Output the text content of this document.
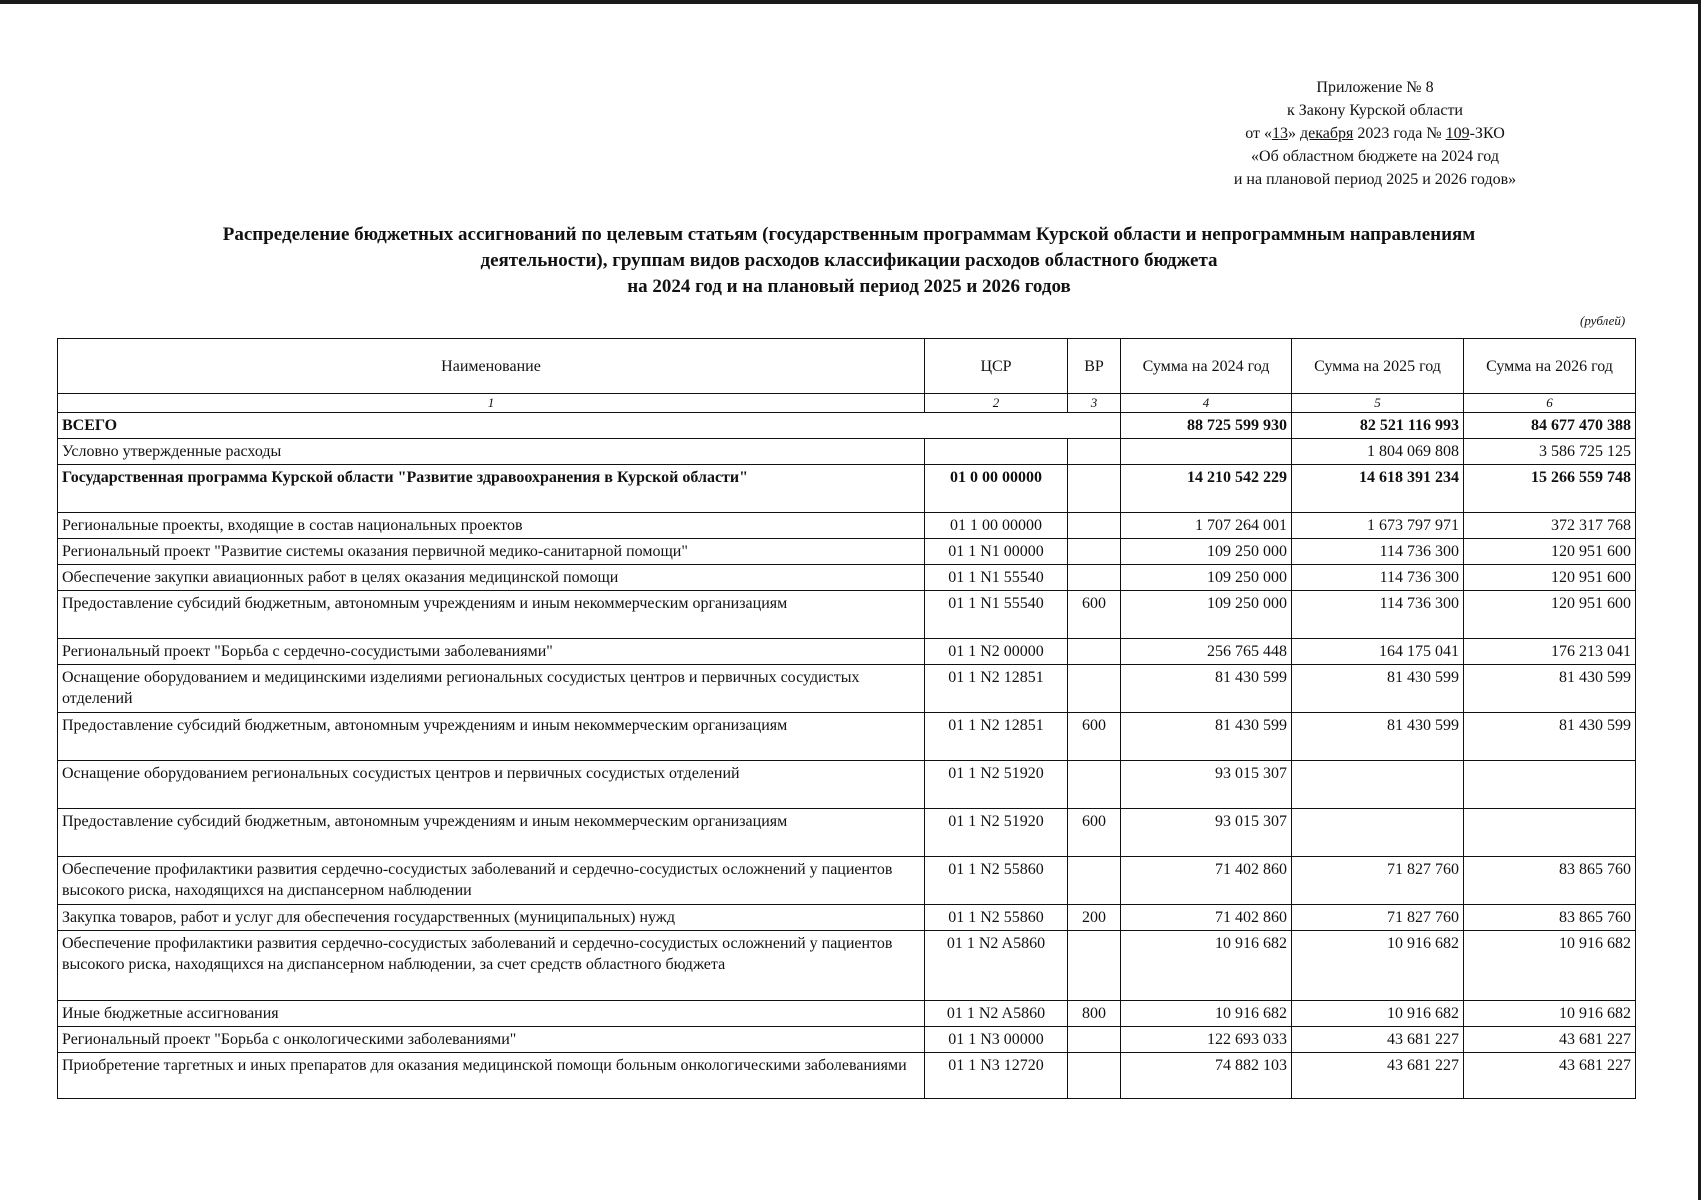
Приложение № 8
к Закону Курской области
от «13» декабря 2023 года № 109-ЗКО
«Об областном бюджете на 2024 год
и на плановой период 2025 и 2026 годов»
Распределение бюджетных ассигнований по целевым статьям (государственным программам Курской области и непрограммным направлениям
деятельности), группам видов расходов классификации расходов областного бюджета
на 2024 год и на плановый период 2025 и 2026 годов
(рублей)
Наименование	ЦСР	ВР	Сумма на 2024 год	Сумма на 2025 год	Сумма на 2026 год
1	2	3	4	5	6
ВСЕГО			88 725 599 930	82 521 116 993	84 677 470 388
Условно утвержденные расходы				1 804 069 808	3 586 725 125
Государственная программа Курской области "Развитие здравоохранения в Курской области"	01 0 00 00000		14 210 542 229	14 618 391 234	15 266 559 748
Региональные проекты, входящие в состав национальных проектов	01 1 00 00000		1 707 264 001	1 673 797 971	372 317 768
Региональный проект "Развитие системы оказания первичной медико-санитарной помощи"	01 1 N1 00000		109 250 000	114 736 300	120 951 600
Обеспечение закупки авиационных работ в целях оказания медицинской помощи	01 1 N1 55540		109 250 000	114 736 300	120 951 600
Предоставление субсидий бюджетным, автономным учреждениям и иным некоммерческим организациям	01 1 N1 55540	600	109 250 000	114 736 300	120 951 600
Региональный проект "Борьба с сердечно-сосудистыми заболеваниями"	01 1 N2 00000		256 765 448	164 175 041	176 213 041
Оснащение оборудованием и медицинскими изделиями региональных сосудистых центров и первичных сосудистых отделений	01 1 N2 12851		81 430 599	81 430 599	81 430 599
Предоставление субсидий бюджетным, автономным учреждениям и иным некоммерческим организациям	01 1 N2 12851	600	81 430 599	81 430 599	81 430 599
Оснащение оборудованием региональных сосудистых центров и первичных сосудистых отделений	01 1 N2 51920		93 015 307		
Предоставление субсидий бюджетным, автономным учреждениям и иным некоммерческим организациям	01 1 N2 51920	600	93 015 307		
Обеспечение профилактики развития сердечно-сосудистых заболеваний и сердечно-сосудистых осложнений у пациентов высокого риска, находящихся на диспансерном наблюдении	01 1 N2 55860		71 402 860	71 827 760	83 865 760
Закупка товаров, работ и услуг для обеспечения государственных (муниципальных) нужд	01 1 N2 55860	200	71 402 860	71 827 760	83 865 760
Обеспечение профилактики развития сердечно-сосудистых заболеваний и сердечно-сосудистых осложнений у пациентов высокого риска, находящихся на диспансерном наблюдении, за счет средств областного бюджета	01 1 N2 A5860		10 916 682	10 916 682	10 916 682
Иные бюджетные ассигнования	01 1 N2 A5860	800	10 916 682	10 916 682	10 916 682
Региональный проект "Борьба с онкологическими заболеваниями"	01 1 N3 00000		122 693 033	43 681 227	43 681 227
Приобретение таргетных и иных препаратов для оказания медицинской помощи больным онкологическими заболеваниями	01 1 N3 12720		74 882 103	43 681 227	43 681 227
